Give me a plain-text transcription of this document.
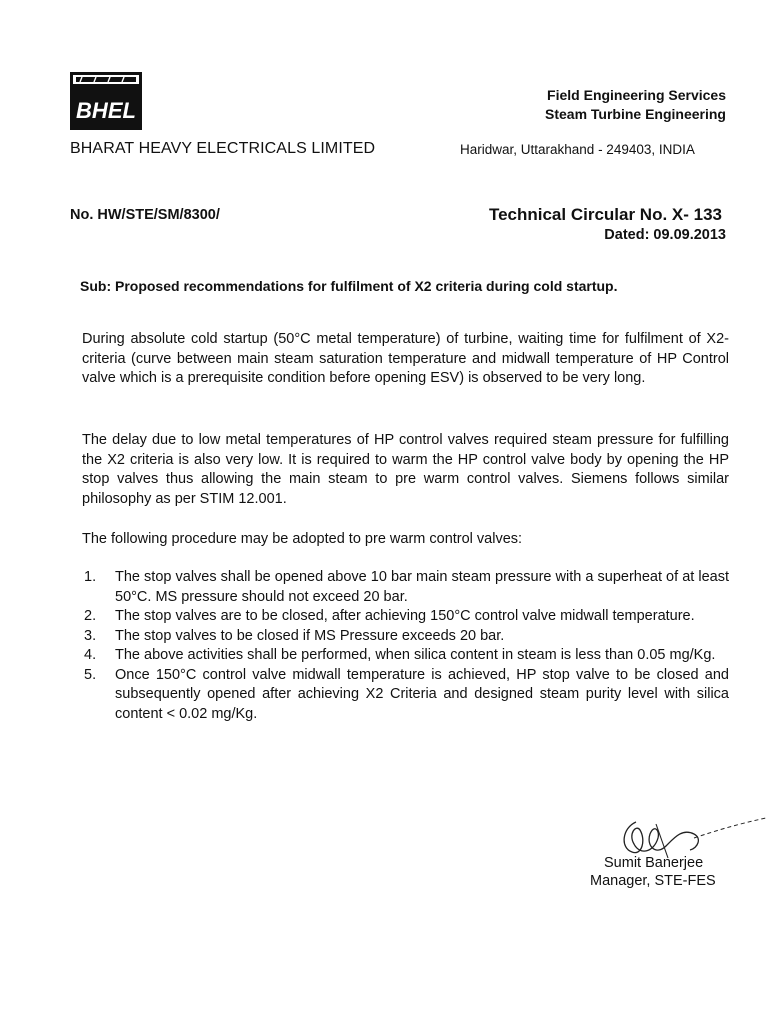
BHEL
Field Engineering Services
Steam Turbine Engineering
BHARAT HEAVY ELECTRICALS LIMITED	Haridwar, Uttarakhand - 249403, INDIA
No. HW/STE/SM/8300/	Technical Circular No. X- 133
Dated: 09.09.2013
Sub: Proposed recommendations for fulfilment of X2 criteria during cold startup.

During absolute cold startup (50°C metal temperature) of turbine, waiting time for fulfilment of X2-criteria (curve between main steam saturation temperature and midwall temperature of HP Control valve which is a prerequisite condition before opening ESV) is observed to be very long.

The delay due to low metal temperatures of HP control valves required steam pressure for fulfilling the X2 criteria is also very low. It is required to warm the HP control valve body by opening the HP stop valves thus allowing the main steam to pre warm control valves. Siemens follows similar philosophy as per STIM 12.001.

The following procedure may be adopted to pre warm control valves:

1. The stop valves shall be opened above 10 bar main steam pressure with a superheat of at least 50°C. MS pressure should not exceed 20 bar.
2. The stop valves are to be closed, after achieving 150°C control valve midwall temperature.
3. The stop valves to be closed if MS Pressure exceeds 20 bar.
4. The above activities shall be performed, when silica content in steam is less than 0.05 mg/Kg.
5. Once 150°C control valve midwall temperature is achieved, HP stop valve to be closed and subsequently opened after achieving X2 Criteria and designed steam purity level with silica content < 0.02 mg/Kg.
Sumit Banerjee
Manager, STE-FES
